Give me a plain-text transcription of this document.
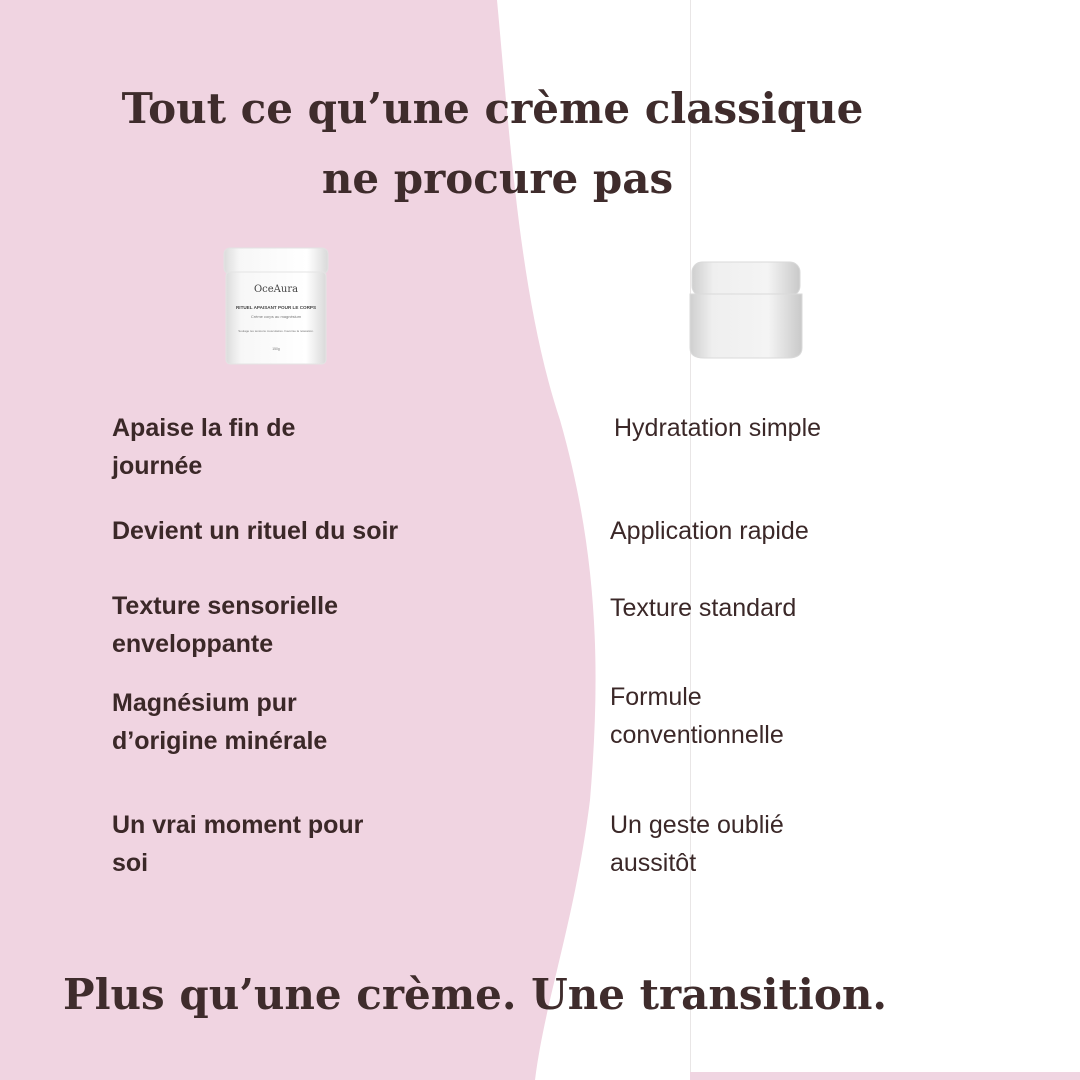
Tout ce qu’une crème classique
ne procure pas
OceAura
RITUEL APAISANT POUR LE CORPS
Crème corps au magnésium
Soulage les tensions musculaires. Favorise la relaxation.
150g

Apaise la fin de
journée

Devient un rituel du soir

Texture sensorielle
enveloppante

Magnésium pur
d’origine minérale

Un vrai moment pour
soi

Hydratation simple

Application rapide

Texture standard

Formule
conventionnelle

Un geste oublié
aussitôt

Plus qu’une crème. Une transition.
